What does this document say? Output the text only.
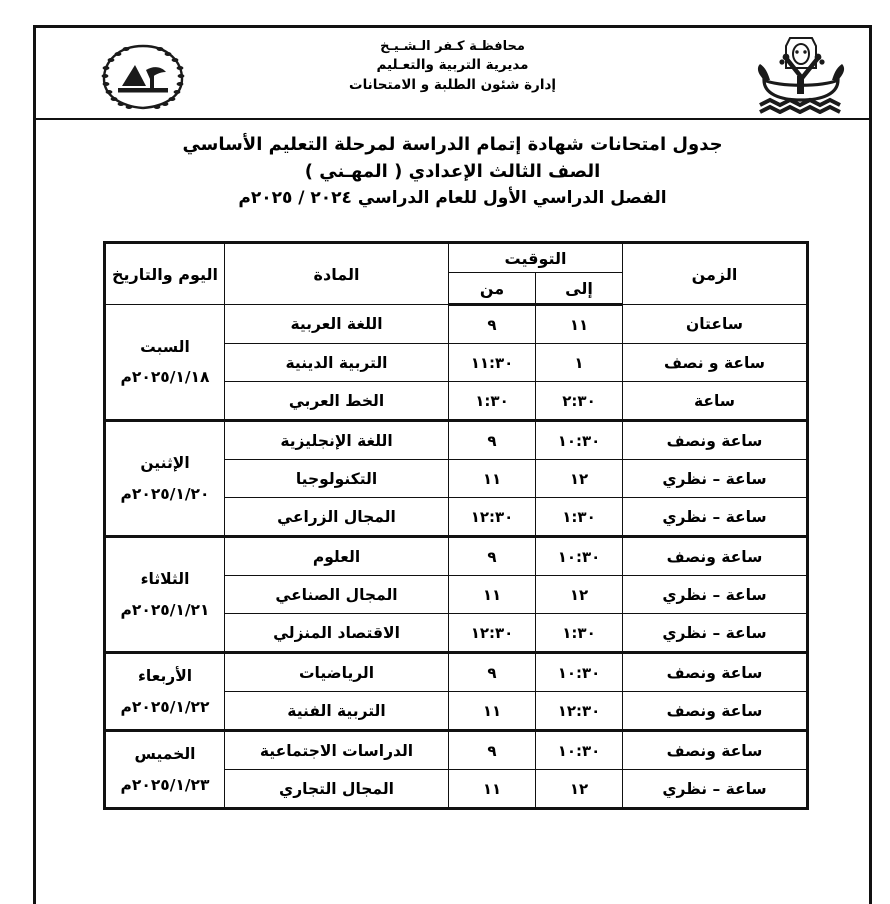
محافظـة كـفر الـشـيـخ
مديرية التربية والتعـليم
إدارة شئون الطلبة و الامتحانات
جدول امتحانات شهادة إتمام الدراسة لمرحلة التعليم الأساسي
الصف الثالث الإعدادي ( المهـني )
الفصل الدراسي الأول للعام الدراسي ٢٠٢٤ / ٢٠٢٥م
الزمن	التوقيت		المادة	اليوم والتاريخ
	إلى	من		
ساعتان	١١	٩	اللغة العربية	السبت
٢٠٢٥/١/١٨م

ساعة و نصف	١	١١:٣٠	التربية الدينية	
ساعة	٢:٣٠	١:٣٠	الخط العربي	
ساعة ونصف	١٠:٣٠	٩	اللغة الإنجليزية	الإثنين
٢٠٢٥/١/٢٠م

ساعة – نظري	١٢	١١	التكنولوجيا	
ساعة – نظري	١:٣٠	١٢:٣٠	المجال الزراعي	
ساعة ونصف	١٠:٣٠	٩	العلوم	الثلاثاء
٢٠٢٥/١/٢١م

ساعة – نظري	١٢	١١	المجال الصناعي	
ساعة – نظري	١:٣٠	١٢:٣٠	الاقتصاد المنزلي	
ساعة ونصف	١٠:٣٠	٩	الرياضيات	الأربعاء
٢٠٢٥/١/٢٢م

ساعة ونصف	١٢:٣٠	١١	التربية الفنية	
ساعة ونصف	١٠:٣٠	٩	الدراسات الاجتماعية	الخميس
٢٠٢٥/١/٢٣م

ساعة – نظري	١٢	١١	المجال التجاري	
